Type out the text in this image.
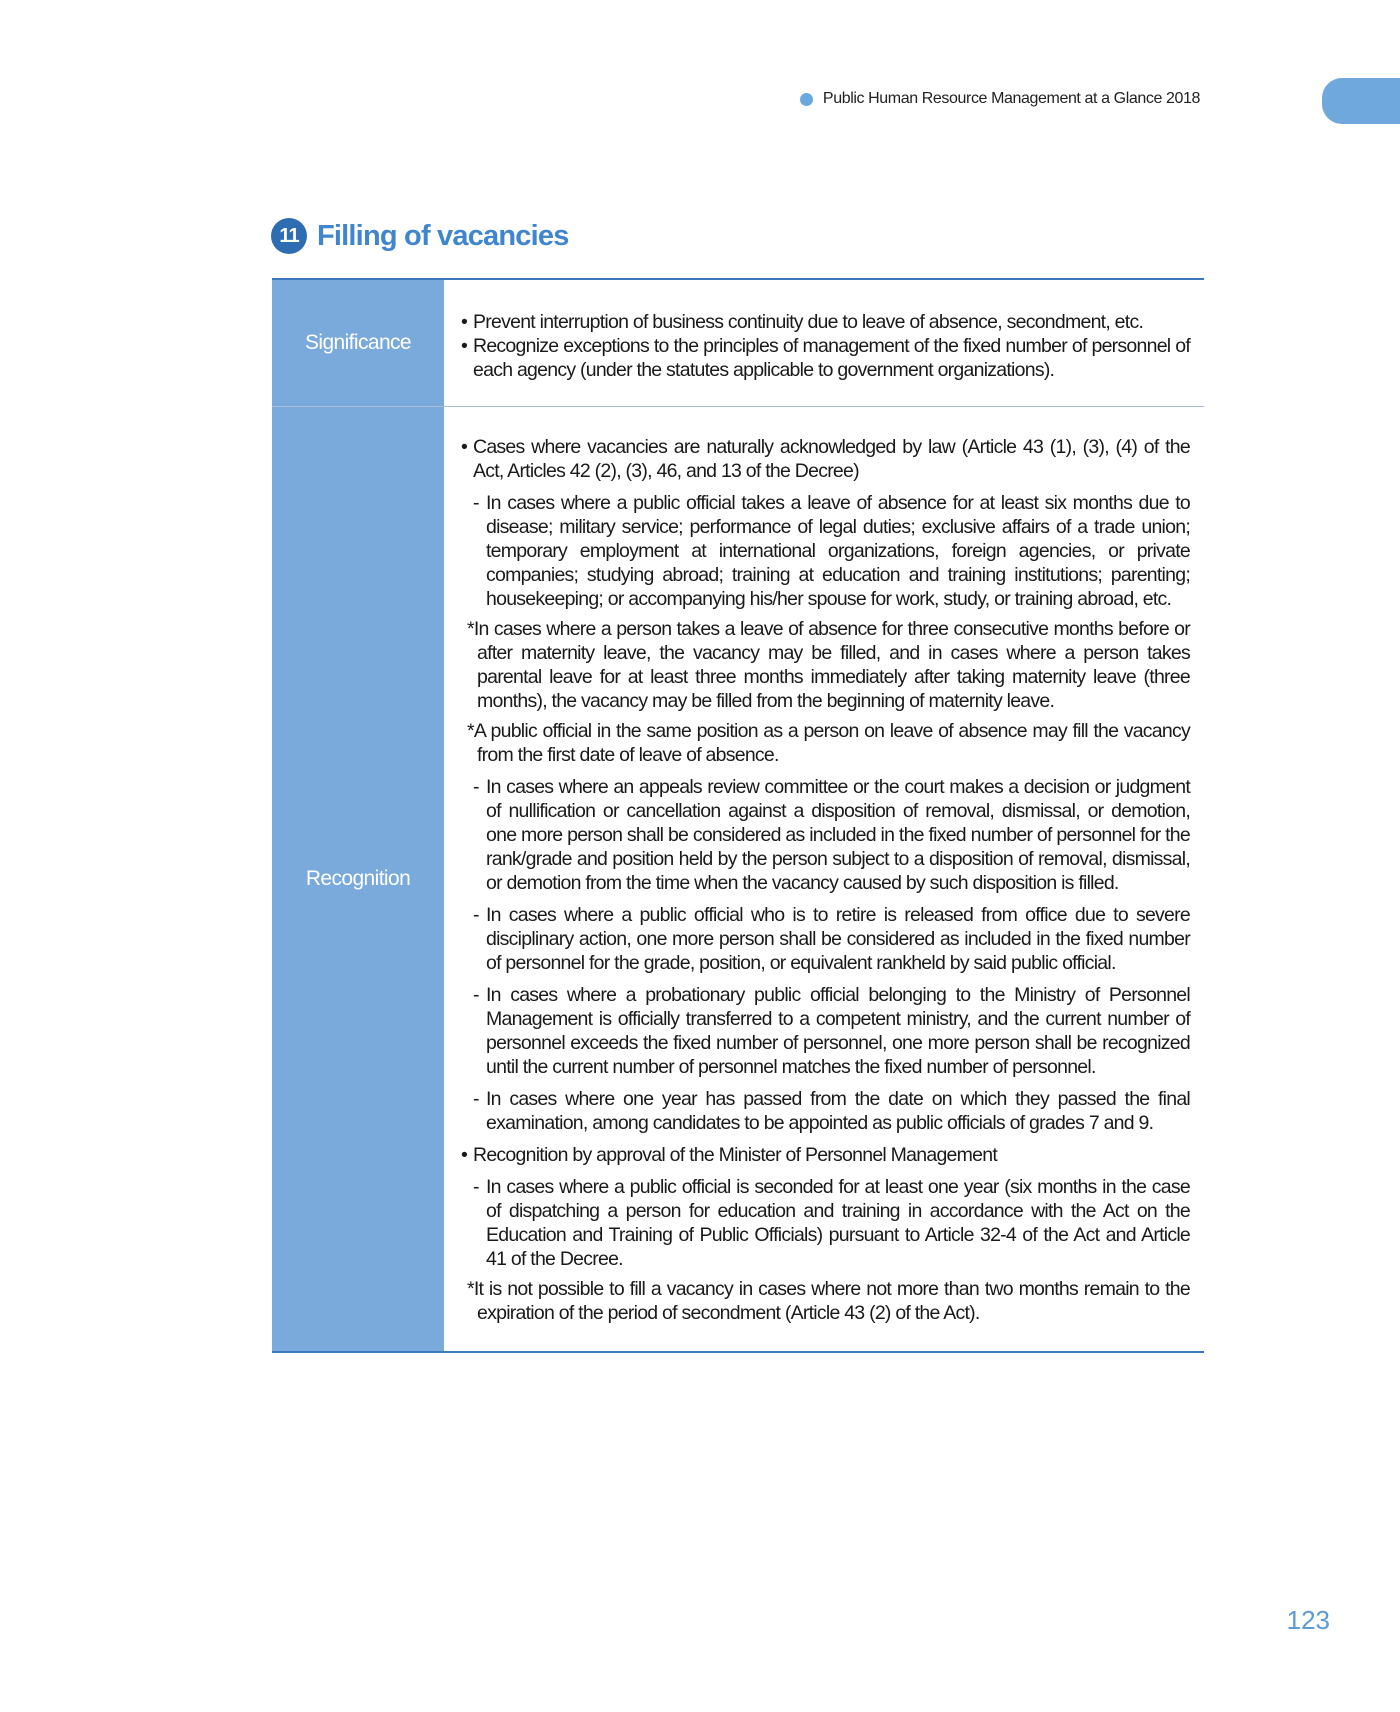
Public Human Resource Management at a Glance 2018
11 Filling of vacancies
Significance
• Prevent interruption of business continuity due to leave of absence, secondment, etc.
• Recognize exceptions to the principles of management of the fixed number of personnel of each agency (under the statutes applicable to government organizations).
Recognition
• Cases where vacancies are naturally acknowledged by law (Article 43 (1), (3), (4) of the Act, Articles 42 (2), (3), 46, and 13 of the Decree)
- In cases where a public official takes a leave of absence for at least six months due to disease; military service; performance of legal duties; exclusive affairs of a trade union; temporary employment at international organizations, foreign agencies, or private companies; studying abroad; training at education and training institutions; parenting; housekeeping; or accompanying his/her spouse for work, study, or training abroad, etc.
*In cases where a person takes a leave of absence for three consecutive months before or after maternity leave, the vacancy may be filled, and in cases where a person takes parental leave for at least three months immediately after taking maternity leave (three months), the vacancy may be filled from the beginning of maternity leave.
*A public official in the same position as a person on leave of absence may fill the vacancy from the first date of leave of absence.
- In cases where an appeals review committee or the court makes a decision or judgment of nullification or cancellation against a disposition of removal, dismissal, or demotion, one more person shall be considered as included in the fixed number of personnel for the rank/grade and position held by the person subject to a disposition of removal, dismissal, or demotion from the time when the vacancy caused by such disposition is filled.
- In cases where a public official who is to retire is released from office due to severe disciplinary action, one more person shall be considered as included in the fixed number of personnel for the grade, position, or equivalent rankheld by said public official.
- In cases where a probationary public official belonging to the Ministry of Personnel Management is officially transferred to a competent ministry, and the current number of personnel exceeds the fixed number of personnel, one more person shall be recognized until the current number of personnel matches the fixed number of personnel.
- In cases where one year has passed from the date on which they passed the final examination, among candidates to be appointed as public officials of grades 7 and 9.
• Recognition by approval of the Minister of Personnel Management
- In cases where a public official is seconded for at least one year (six months in the case of dispatching a person for education and training in accordance with the Act on the Education and Training of Public Officials) pursuant to Article 32-4 of the Act and Article 41 of the Decree.
*It is not possible to fill a vacancy in cases where not more than two months remain to the expiration of the period of secondment (Article 43 (2) of the Act).
123
